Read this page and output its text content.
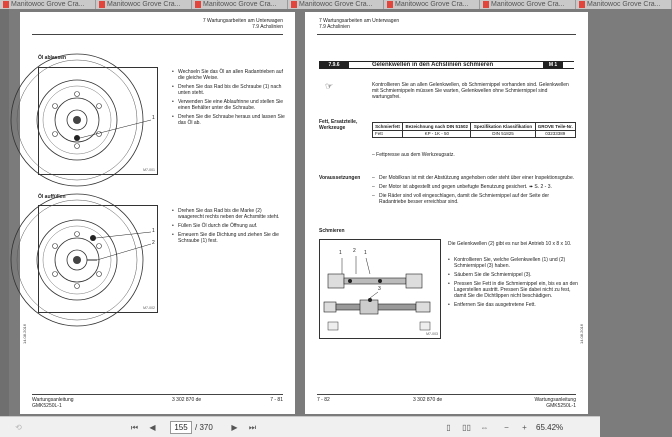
Manitowoc Grove Cra...	Manitowoc Grove Cra...	Manitowoc Grove Cra...	Manitowoc Grove Cra...	Manitowoc Grove Cra...	Manitowoc Grove Cra...	Manitowoc Grove Cra...
7 Wartungsarbeiten am Unterwagen
7.9 Achslinien
Öl ablassen
1
M7-001
• Wechseln Sie das Öl an allen Radantrieben auf die gleiche Weise.
• Drehen Sie das Rad bis die Schraube (1) nach unten steht.
• Verwenden Sie eine Ablaufrinne und stellen Sie einen Behälter unter die Schraube.
• Drehen Sie die Schraube heraus und lassen Sie das Öl ab.
Öl auffüllen
1
2
M7-002
• Drehen Sie das Rad bis die Marke (2) waagerecht rechts neben der Achsmitte steht.
• Füllen Sie Öl durch die Öffnung auf.
• Erneuern Sie die Dichtung und ziehen Sie die Schraube (1) fest.
14.08.2016
Wartungsanleitung
GMK5250L-1
3 302 870 de	7 - 81
7 Wartungsarbeiten am Unterwagen
7.9 Achslinien
7.9.6	Gelenkwellen in den Achslinien schmieren	M 1
☞	Kontrollieren Sie an allen Gelenkwellen, ob Schmiernippel vorhanden sind. Gelenkwellen mit Schmiernippeln müssen Sie warten, Gelenkwellen ohne Schmiernippel sind wartungsfrei.
Fett, Ersatzteile, Werkzeuge	Schmierfett	Bezeichnung nach DIN 51502	Spezifikation Klassifikation	GROVE Teile-Nr.
Fett	KP - 1K - 50	DIN 51825	03233389
– Fettpresse aus dem Werkzeugsatz.
Voraussetzungen	– Der Mobilkran ist mit der Abstützung angehoben oder steht über einer Inspektionsgrube.
– Der Motor ist abgestellt und gegen unbefugte Benutzung gesichert. ➠ S. 2 - 3.
– Die Räder sind voll eingeschlagen, damit die Schmiernippel auf der Seite der Radantriebe besser erreichbar sind.
Schmieren
1 2 1
3
M7-003
Die Gelenkwellen (2) gibt es nur bei Antrieb 10 x 8 x 10.
• Kontrollieren Sie, welche Gelenkwellen (1) und (2) Schmiernippel (3) haben.
• Säubern Sie die Schmiernippel (3).
• Pressen Sie Fett in die Schmiernippel ein, bis es an den Lagerstellen austritt. Pressen Sie dabei nicht zu fest, damit Sie die Dichtlippen nicht beschädigen.
• Entfernen Sie das ausgetretene Fett.
14.08.2016
7 - 82	3 302 870 de	Wartungsanleitung
GMK5250L-1
⟲	⏮	◀
155	/ 370	▶	⏭	▯	▯▯	⇔	−	+	65.42%
